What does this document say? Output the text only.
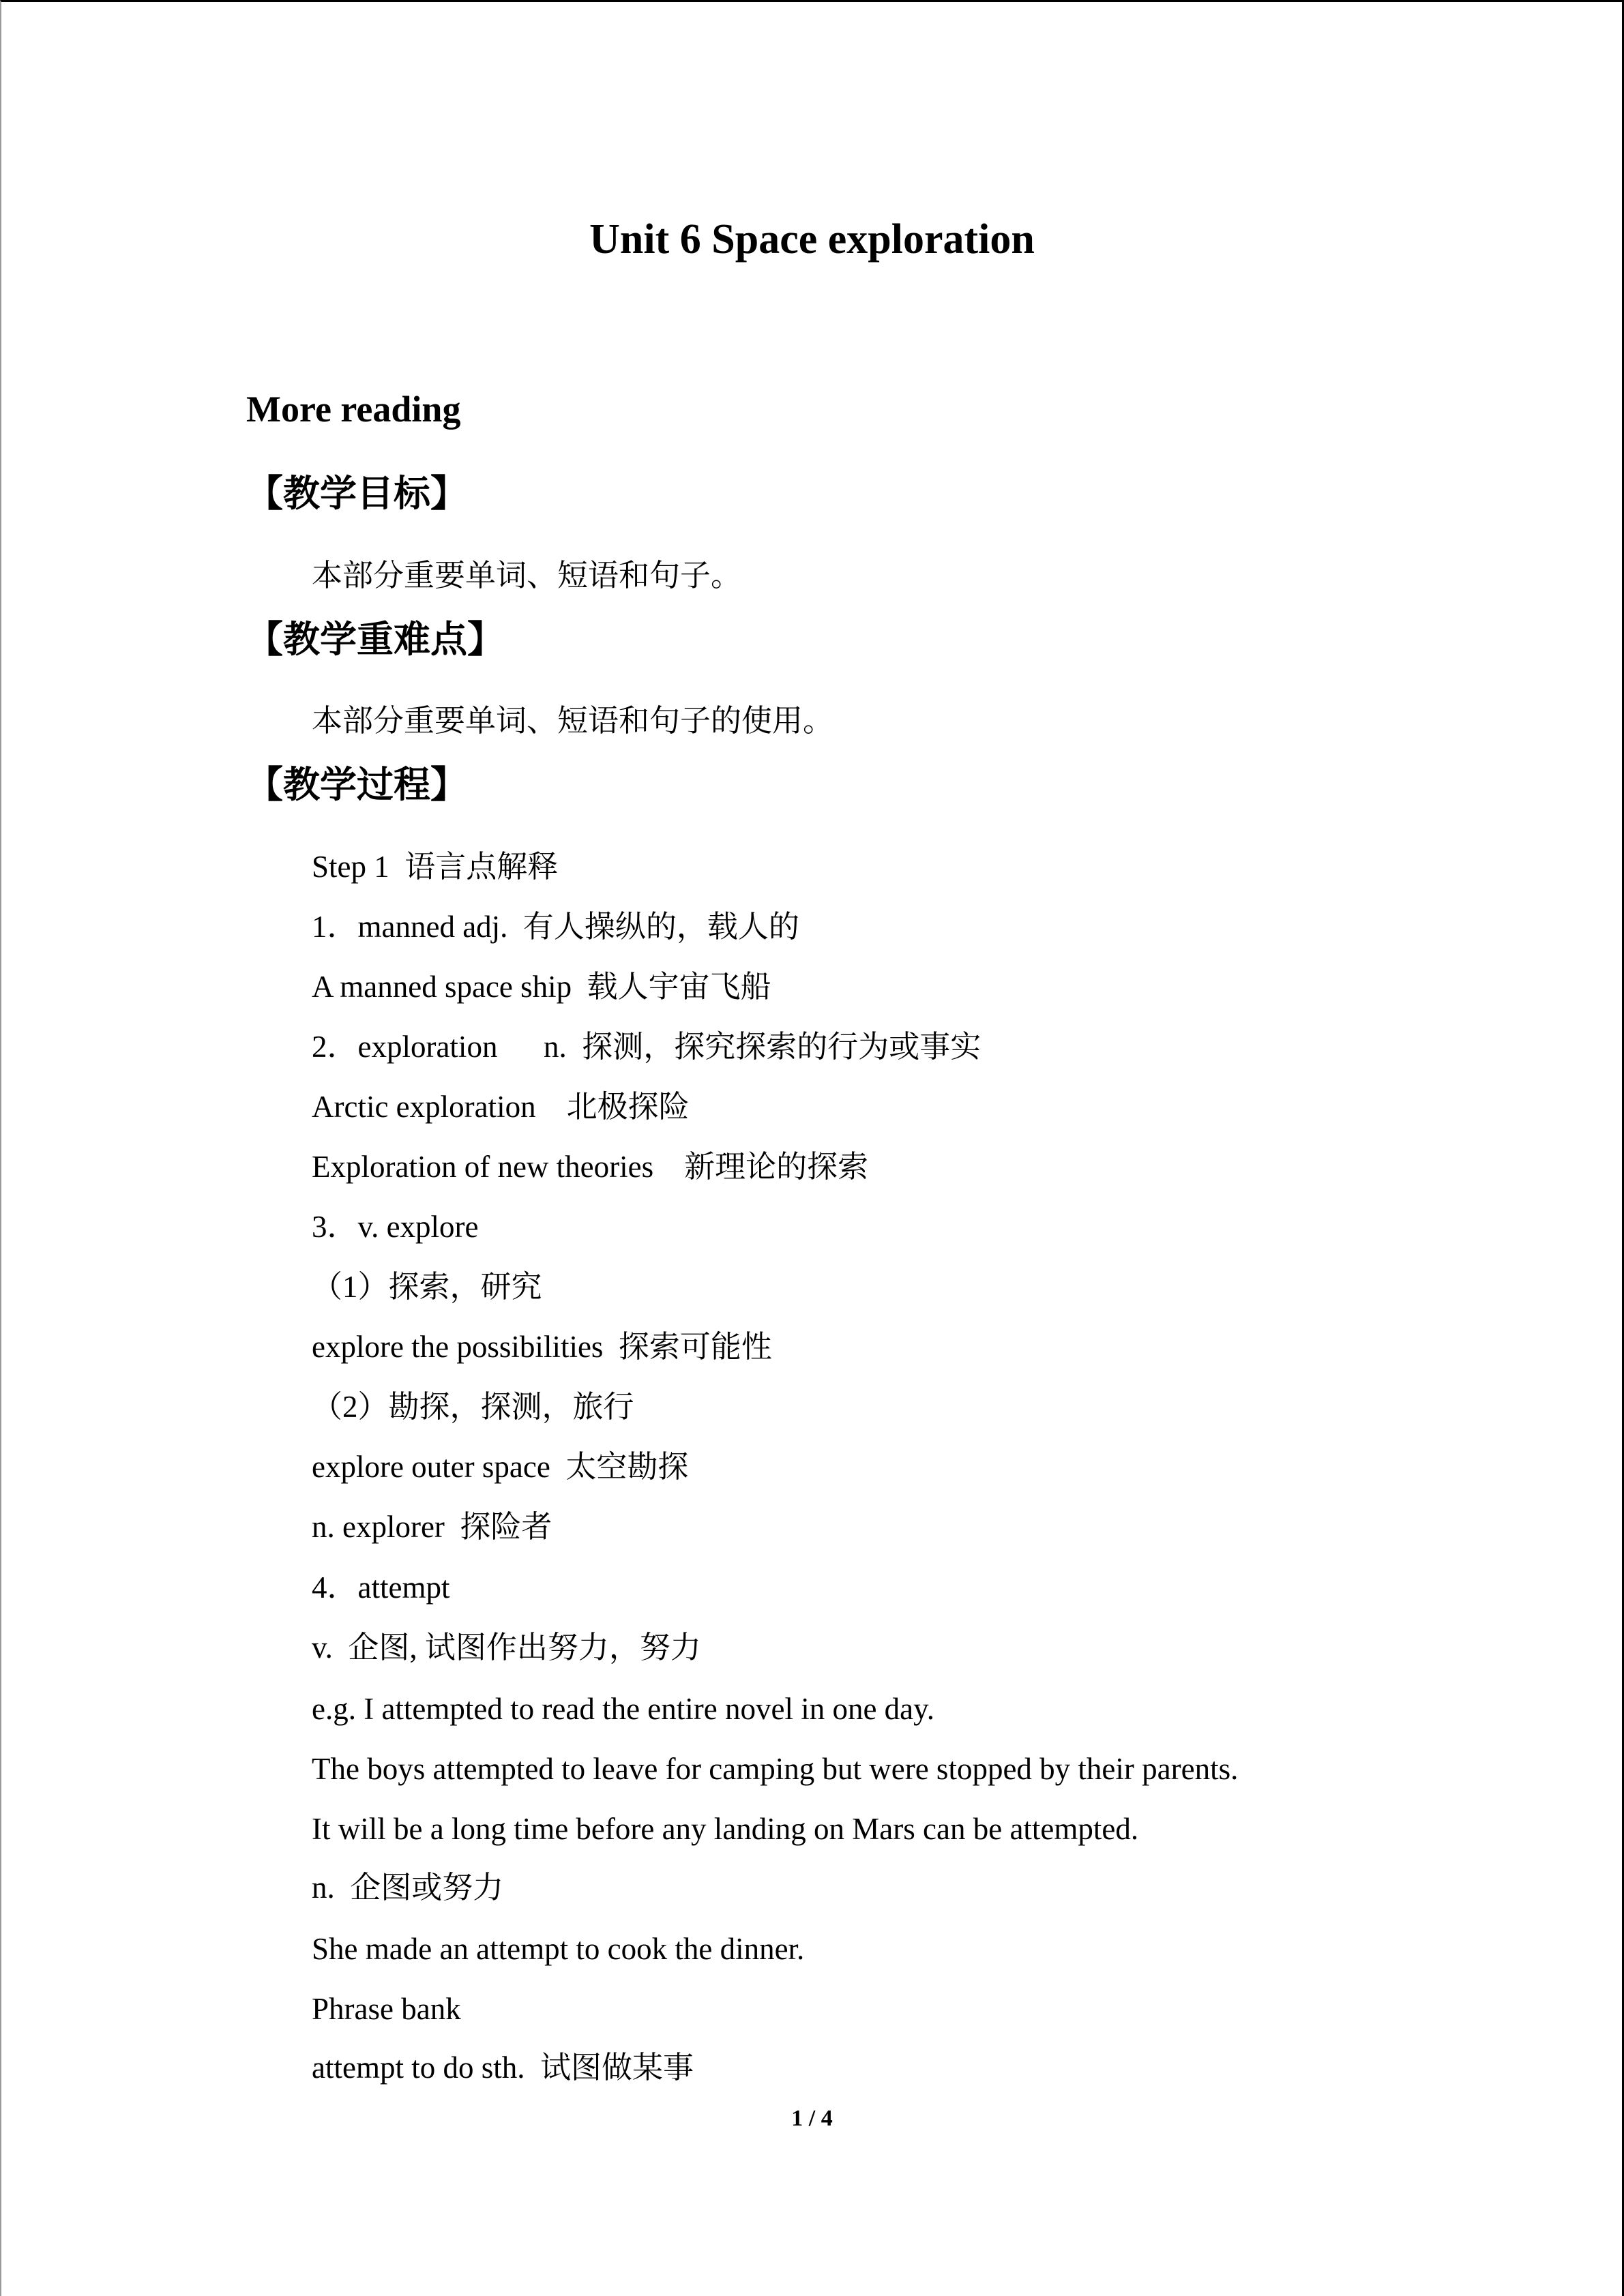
Unit 6 Space exploration
More reading
【教学目标】

本部分重要单词、短语和句子。

【教学重难点】

本部分重要单词、短语和句子的使用。

【教学过程】

Step 1  语言点解释

1．manned adj.  有人操纵的，载人的

A manned space ship  载人宇宙飞船

2．exploration      n.  探测，探究探索的行为或事实

Arctic exploration    北极探险

Exploration of new theories    新理论的探索

3．v. explore

（1）探索，研究

explore the possibilities  探索可能性

（2）勘探，探测，旅行

explore outer space  太空勘探

n. explorer  探险者

4．attempt

v.  企图, 试图作出努力，努力

e.g. I attempted to read the entire novel in one day.

The boys attempted to leave for camping but were stopped by their parents.

It will be a long time before any landing on Mars can be attempted.

n.  企图或努力

She made an attempt to cook the dinner.

Phrase bank

attempt to do sth.  试图做某事

1 / 4
